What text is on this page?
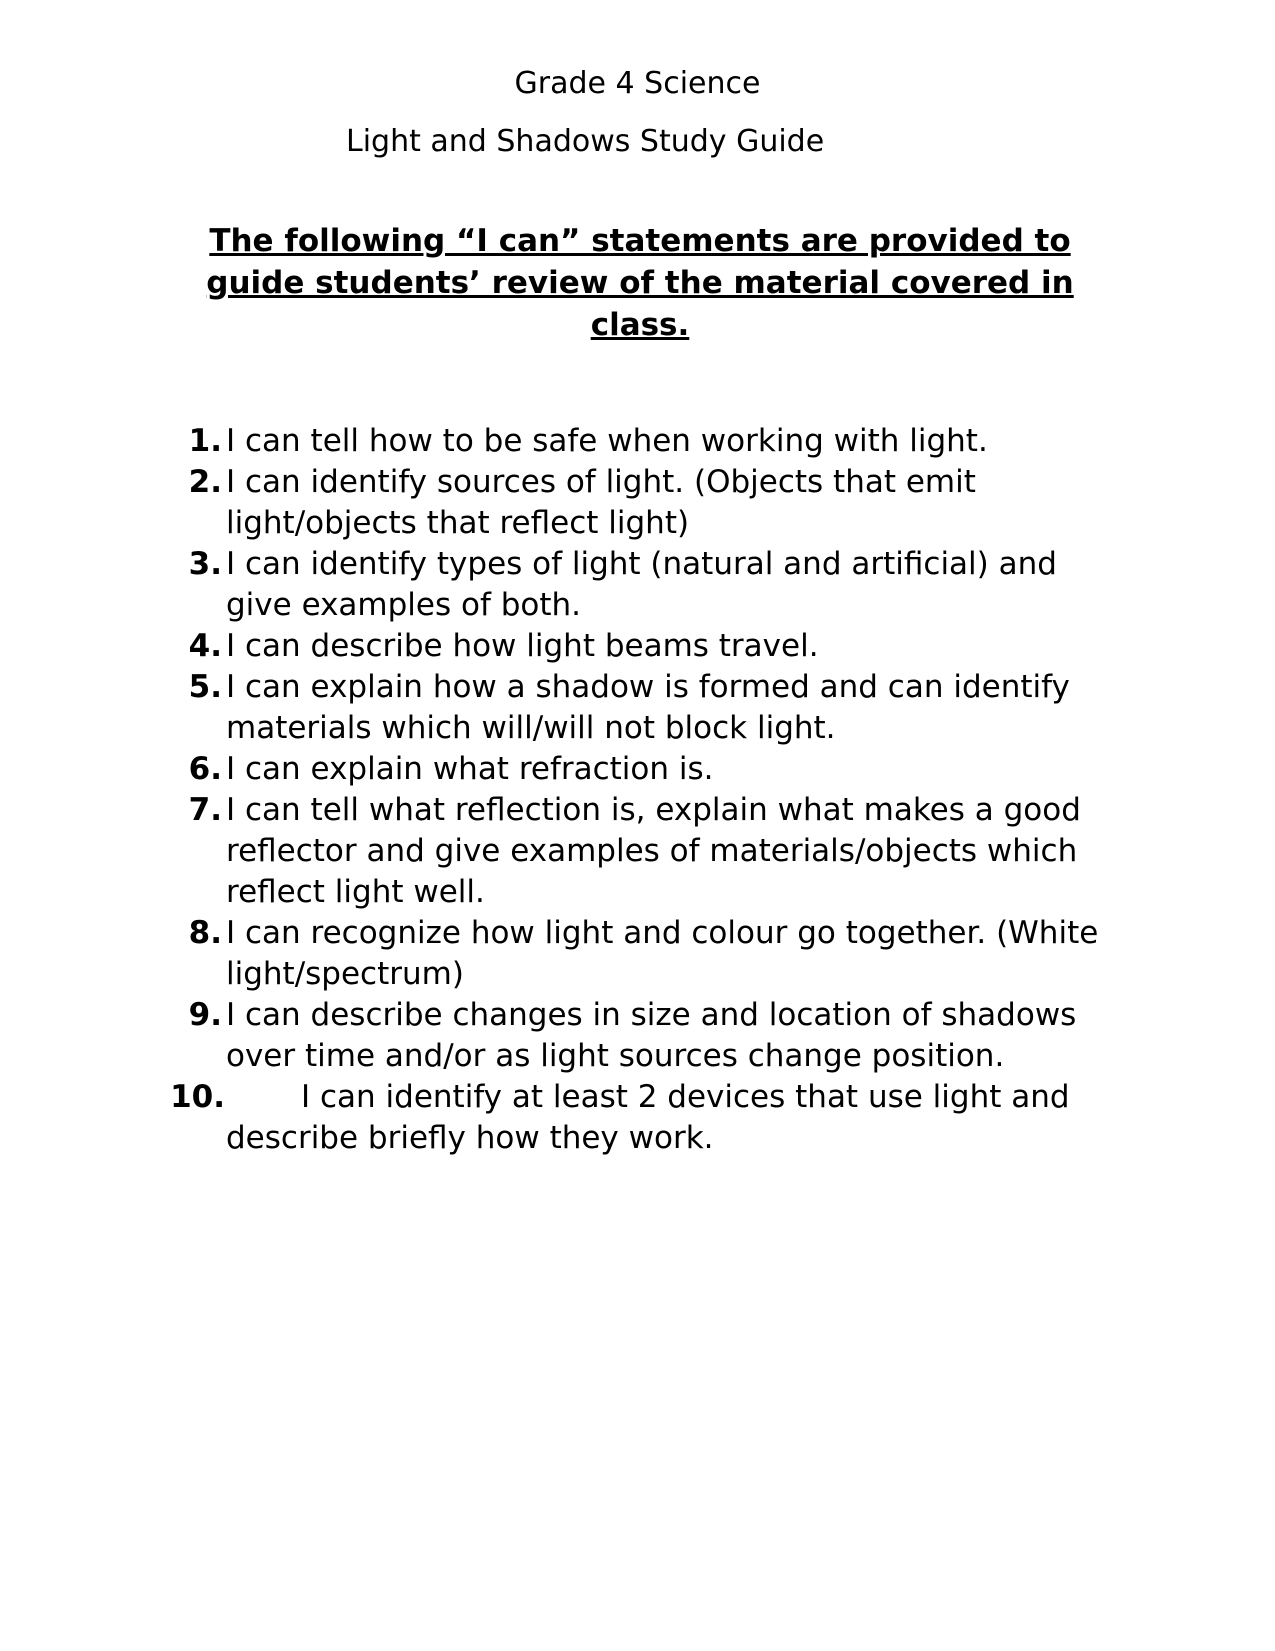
Grade 4 Science
Light and Shadows Study Guide

The following “I can” statements are provided to guide students’ review of the material covered in class.

1. I can tell how to be safe when working with light.
2. I can identify sources of light. (Objects that emit light/objects that reflect light)
3. I can identify types of light (natural and artificial) and give examples of both.
4. I can describe how light beams travel.
5. I can explain how a shadow is formed and can identify materials which will/will not block light.
6. I can explain what refraction is.
7. I can tell what reflection is, explain what makes a good reflector and give examples of materials/objects which reflect light well.
8. I can recognize how light and colour go together. (White light/spectrum)
9. I can describe changes in size and location of shadows over time and/or as light sources change position.
10. I can identify at least 2 devices that use light and describe briefly how they work.
